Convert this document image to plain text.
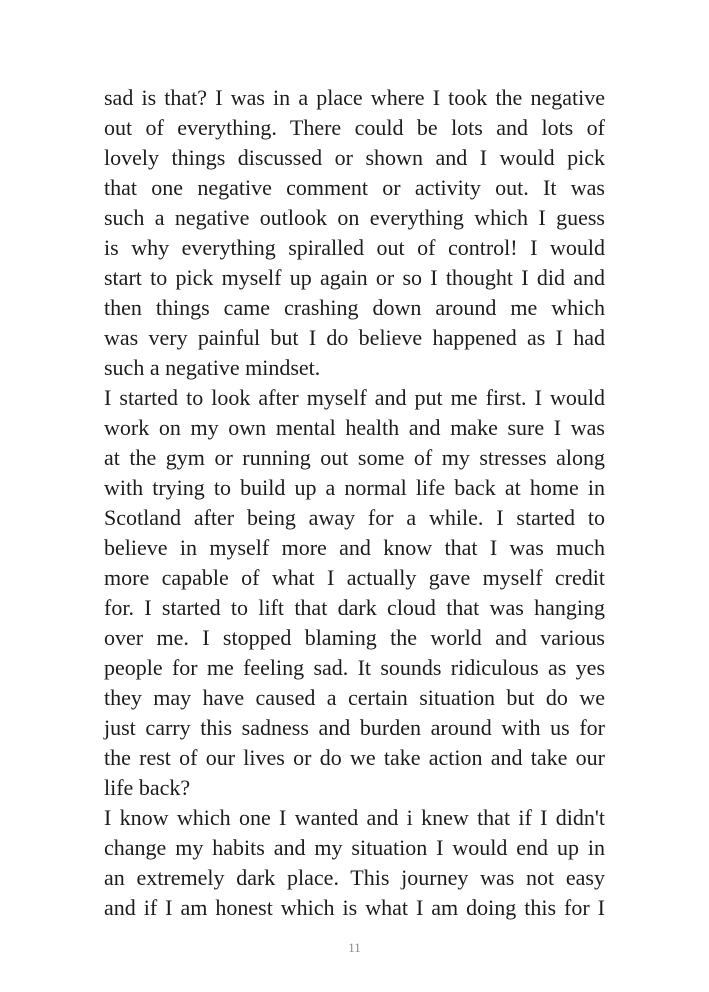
sad is that? I was in a place where I took the negative
out of everything. There could be lots and lots of
lovely things discussed or shown and I would pick
that one negative comment or activity out. It was
such a negative outlook on everything which I guess
is why everything spiralled out of control! I would
start to pick myself up again or so I thought I did and
then things came crashing down around me which
was very painful but I do believe happened as I had
such a negative mindset.
I started to look after myself and put me first. I would
work on my own mental health and make sure I was
at the gym or running out some of my stresses along
with trying to build up a normal life back at home in
Scotland after being away for a while. I started to
believe in myself more and know that I was much
more capable of what I actually gave myself credit
for. I started to lift that dark cloud that was hanging
over me. I stopped blaming the world and various
people for me feeling sad. It sounds ridiculous as yes
they may have caused a certain situation but do we
just carry this sadness and burden around with us for
the rest of our lives or do we take action and take our
life back?
I know which one I wanted and i knew that if I didn't
change my habits and my situation I would end up in
an extremely dark place. This journey was not easy
and if I am honest which is what I am doing this for I
11
